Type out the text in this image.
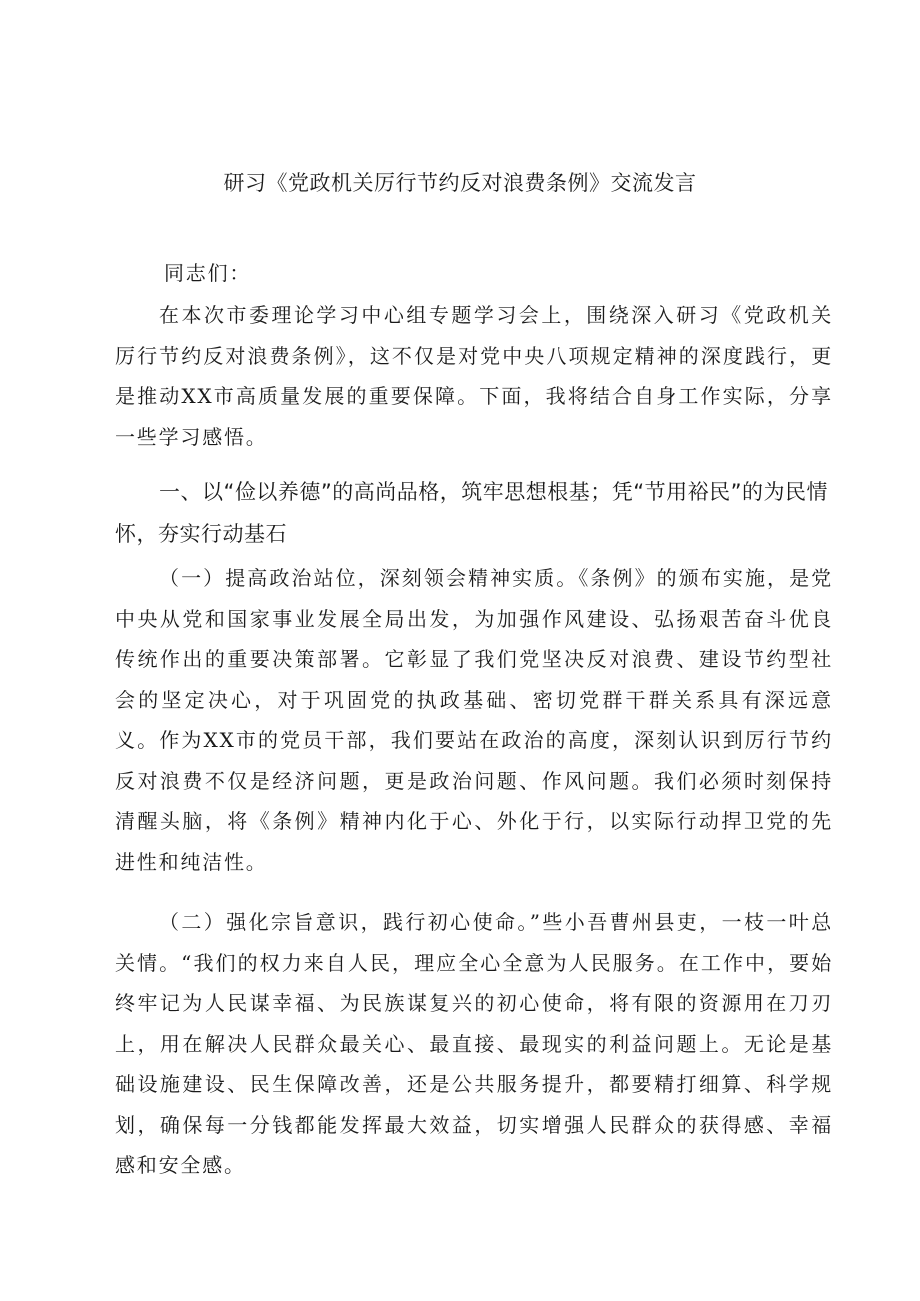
研习《党政机关厉行节约反对浪费条例》交流发言

同志们：

在本次市委理论学习中心组专题学习会上，围绕深入研习《党政机关厉行节约反对浪费条例》，这不仅是对党中央八项规定精神的深度践行，更是推动XX市高质量发展的重要保障。下面，我将结合自身工作实际，分享一些学习感悟。

一、以“俭以养德”的高尚品格，筑牢思想根基；凭“节用裕民”的为民情怀，夯实行动基石

（一）提高政治站位，深刻领会精神实质。《条例》的颁布实施，是党中央从党和国家事业发展全局出发，为加强作风建设、弘扬艰苦奋斗优良传统作出的重要决策部署。它彰显了我们党坚决反对浪费、建设节约型社会的坚定决心，对于巩固党的执政基础、密切党群干群关系具有深远意义。作为XX市的党员干部，我们要站在政治的高度，深刻认识到厉行节约反对浪费不仅是经济问题，更是政治问题、作风问题。我们必须时刻保持清醒头脑，将《条例》精神内化于心、外化于行，以实际行动捍卫党的先进性和纯洁性。

（二）强化宗旨意识，践行初心使命。”些小吾曹州县吏，一枝一叶总关情。“我们的权力来自人民，理应全心全意为人民服务。在工作中，要始终牢记为人民谋幸福、为民族谋复兴的初心使命，将有限的资源用在刀刃上，用在解决人民群众最关心、最直接、最现实的利益问题上。无论是基础设施建设、民生保障改善，还是公共服务提升，都要精打细算、科学规划，确保每一分钱都能发挥最大效益，切实增强人民群众的获得感、幸福感和安全感。
